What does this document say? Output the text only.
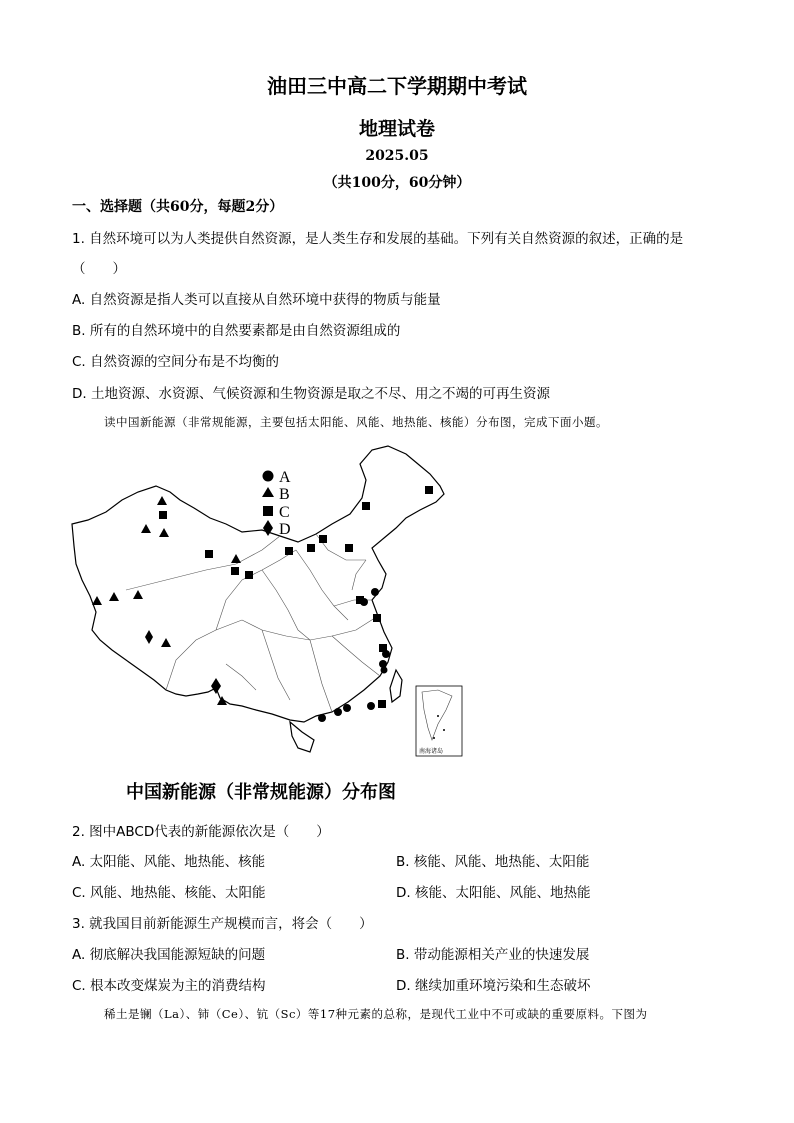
油田三中高二下学期期中考试
地理试卷
2025.05
（共100分，60分钟）
一、选择题（共60分，每题2分）
1. 自然环境可以为人类提供自然资源，是人类生存和发展的基础。下列有关自然资源的叙述，正确的是
（　　）
A. 自然资源是指人类可以直接从自然环境中获得的物质与能量
B. 所有的自然环境中的自然要素都是由自然资源组成的
C. 自然资源的空间分布是不均衡的
D. 土地资源、水资源、气候资源和生物资源是取之不尽、用之不竭的可再生资源
读中国新能源（非常规能源，主要包括太阳能、风能、地热能、核能）分布图，完成下面小题。
A
B
C
D
南海诸岛
中国新能源（非常规能源）分布图
2. 图中ABCD代表的新能源依次是（　　）
A. 太阳能、风能、地热能、核能	B. 核能、风能、地热能、太阳能
C. 风能、地热能、核能、太阳能	D. 核能、太阳能、风能、地热能
3. 就我国目前新能源生产规模而言，将会（　　）
A. 彻底解决我国能源短缺的问题	B. 带动能源相关产业的快速发展
C. 根本改变煤炭为主的消费结构	D. 继续加重环境污染和生态破坏
稀土是镧（La）、铈（Ce）、钪（Sc）等17种元素的总称，是现代工业中不可或缺的重要原料。下图为
